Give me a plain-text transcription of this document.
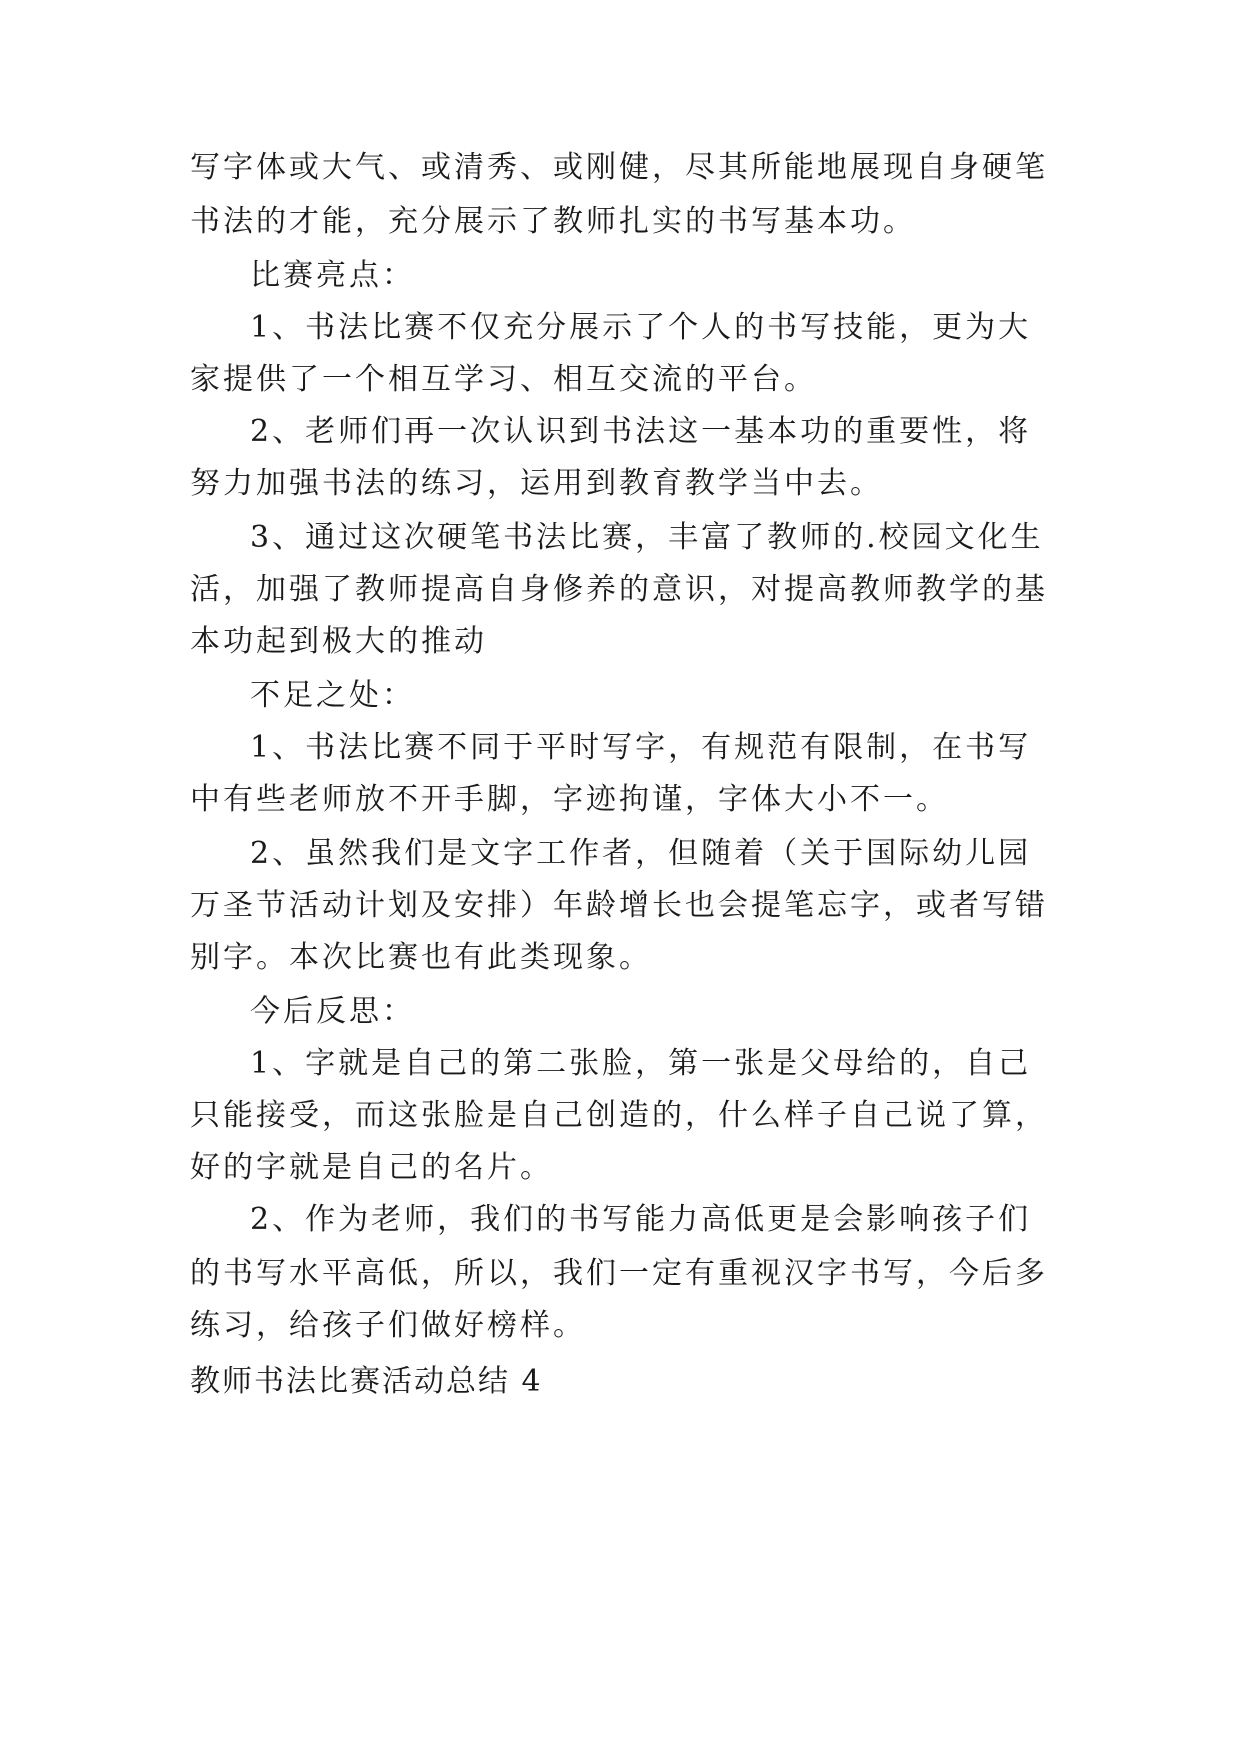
写字体或大气、或清秀、或刚健，尽其所能地展现自身硬笔
书法的才能，充分展示了教师扎实的书写基本功。
比赛亮点：
1、书法比赛不仅充分展示了个人的书写技能，更为大
家提供了一个相互学习、相互交流的平台。
2、老师们再一次认识到书法这一基本功的重要性，将
努力加强书法的练习，运用到教育教学当中去。
3、通过这次硬笔书法比赛，丰富了教师的.校园文化生
活，加强了教师提高自身修养的意识，对提高教师教学的基
本功起到极大的推动
不足之处：
1、书法比赛不同于平时写字，有规范有限制，在书写
中有些老师放不开手脚，字迹拘谨，字体大小不一。
2、虽然我们是文字工作者，但随着（关于国际幼儿园
万圣节活动计划及安排）年龄增长也会提笔忘字，或者写错
别字。本次比赛也有此类现象。
今后反思：
1、字就是自己的第二张脸，第一张是父母给的，自己
只能接受，而这张脸是自己创造的，什么样子自己说了算，
好的字就是自己的名片。
2、作为老师，我们的书写能力高低更是会影响孩子们
的书写水平高低，所以，我们一定有重视汉字书写，今后多
练习，给孩子们做好榜样。
教师书法比赛活动总结 4
